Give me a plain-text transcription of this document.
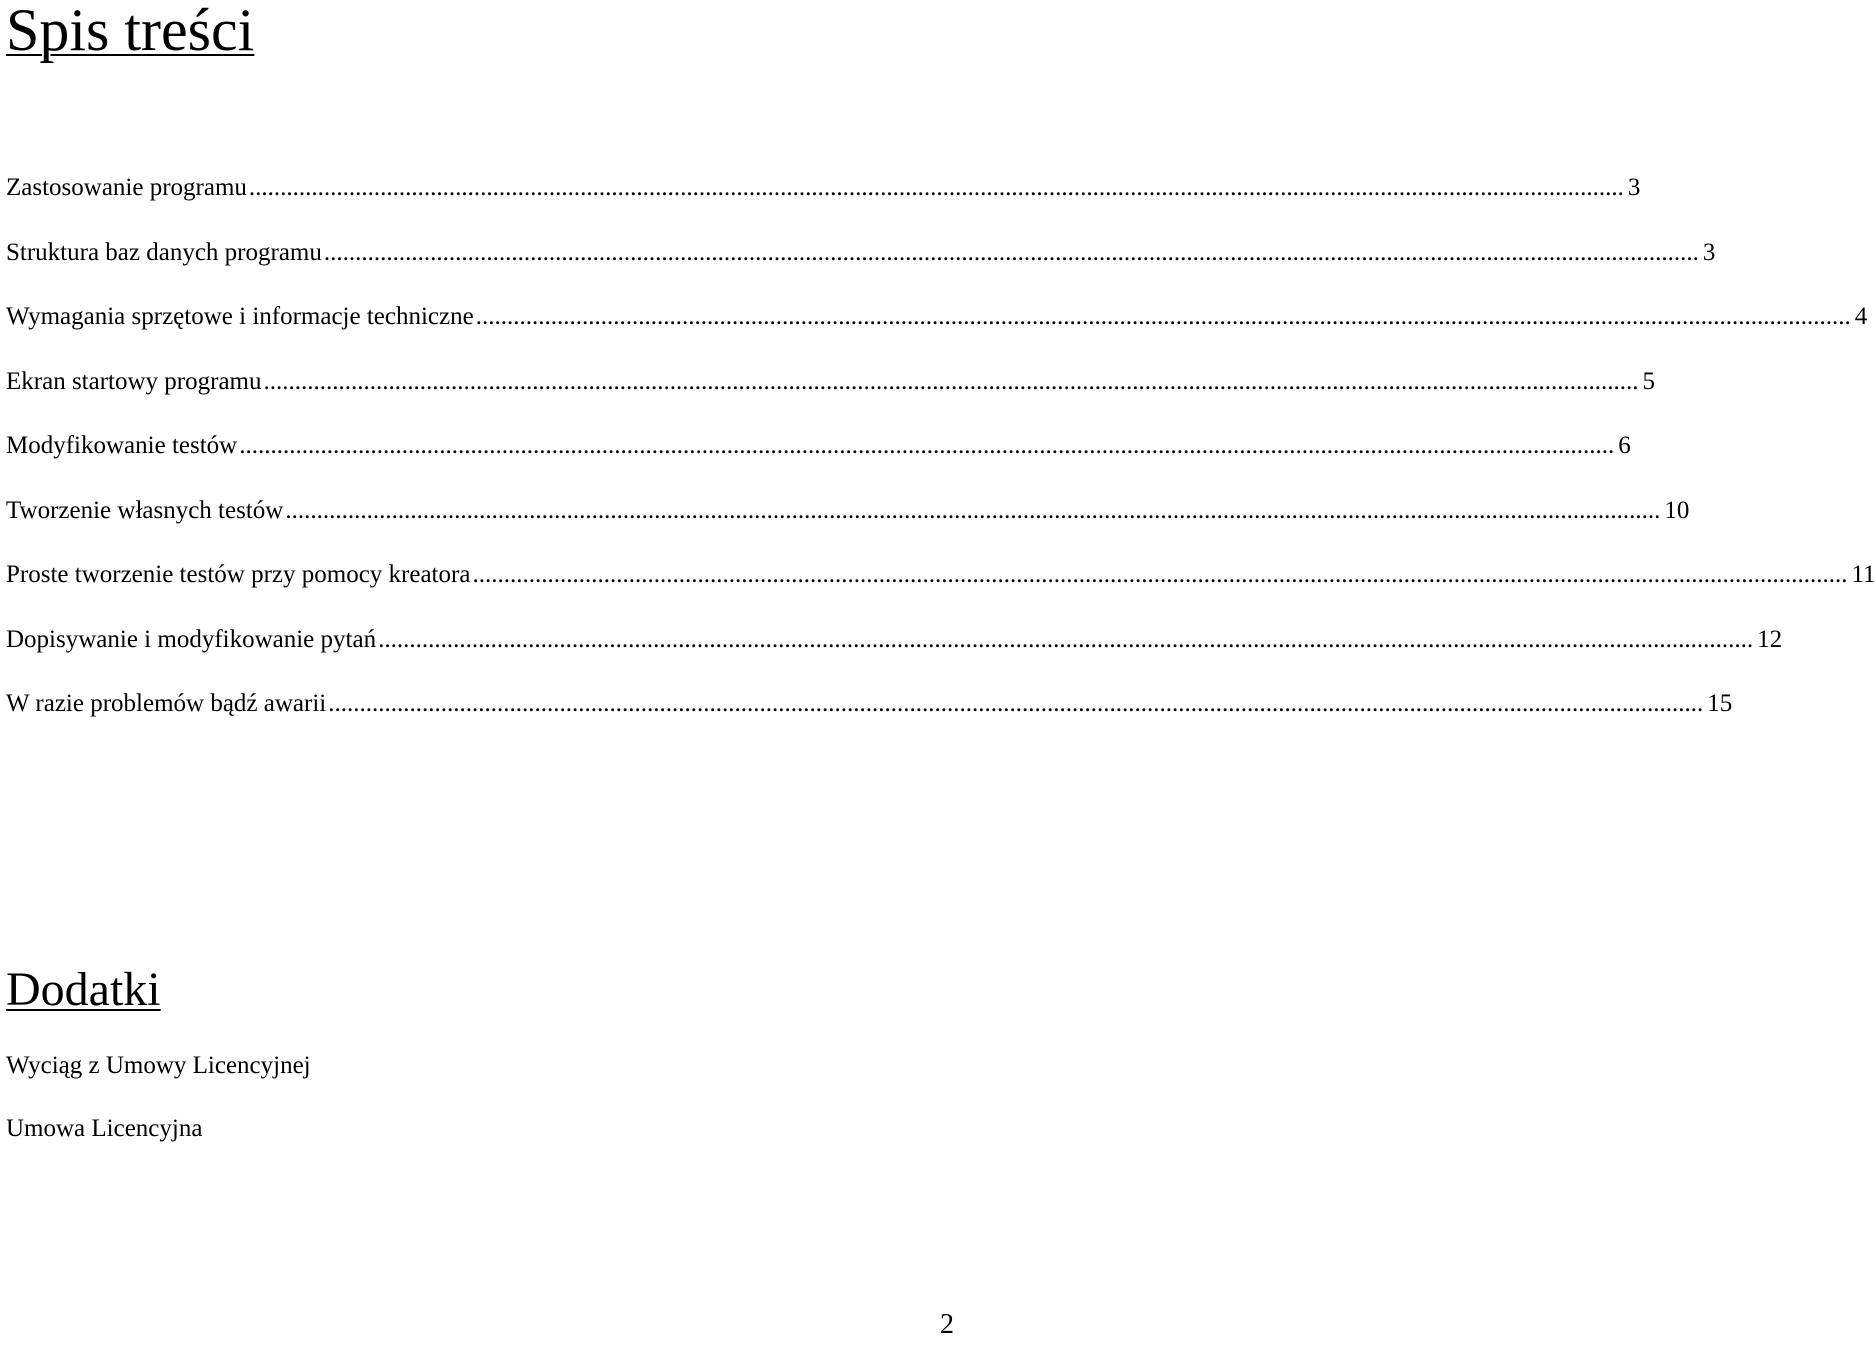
Spis treści
Zastosowanie programu ............................................................................................................................................................................................................................ 3
Struktura baz danych programu ............................................................................................................................................................................................................................ 3
Wymagania sprzętowe i informacje techniczne ............................................................................................................................................................................................................................ 4
Ekran startowy programu ............................................................................................................................................................................................................................ 5
Modyfikowanie testów ............................................................................................................................................................................................................................ 6
Tworzenie własnych testów ............................................................................................................................................................................................................................ 10
Proste tworzenie testów przy pomocy kreatora ............................................................................................................................................................................................................................ 11
Dopisywanie i modyfikowanie pytań ............................................................................................................................................................................................................................ 12
W razie problemów bądź awarii ............................................................................................................................................................................................................................ 15
Dodatki
Wyciąg z Umowy Licencyjnej
Umowa Licencyjna
2
